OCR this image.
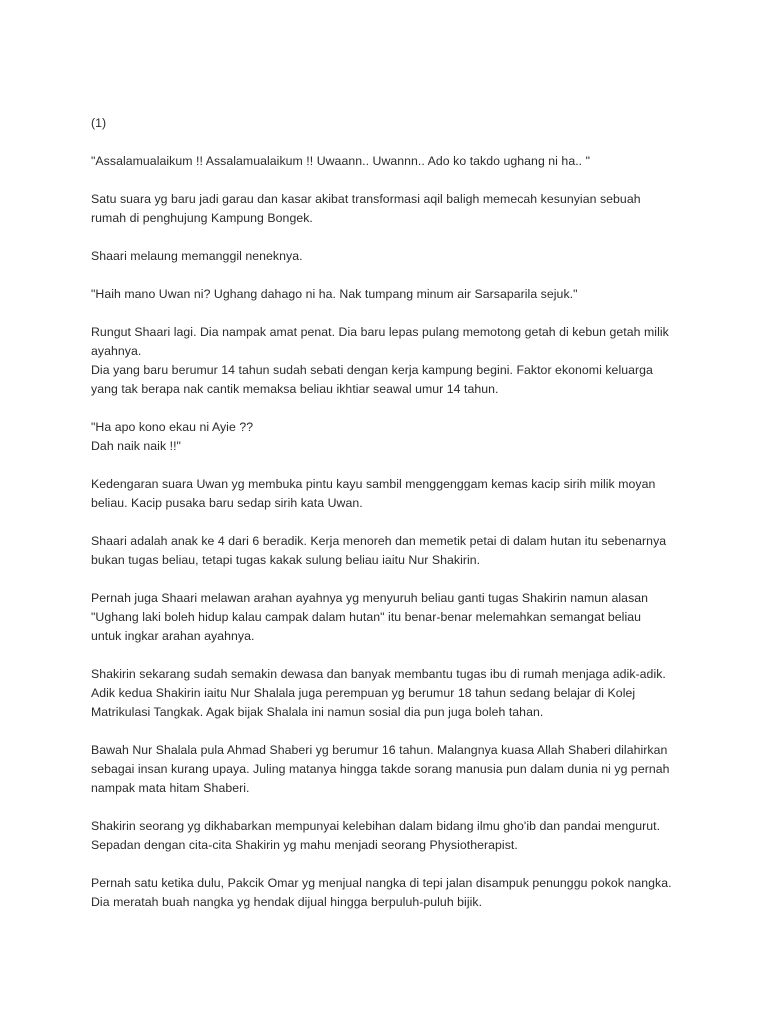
(1)

"Assalamualaikum !! Assalamualaikum !! Uwaann.. Uwannn.. Ado ko takdo ughang ni ha.. "

Satu suara yg baru jadi garau dan kasar akibat transformasi aqil baligh memecah kesunyian sebuah
rumah di penghujung Kampung Bongek.

Shaari melaung memanggil neneknya.

"Haih mano Uwan ni? Ughang dahago ni ha. Nak tumpang minum air Sarsaparila sejuk."

Rungut Shaari lagi. Dia nampak amat penat. Dia baru lepas pulang memotong getah di kebun getah milik
ayahnya.
Dia yang baru berumur 14 tahun sudah sebati dengan kerja kampung begini. Faktor ekonomi keluarga
yang tak berapa nak cantik memaksa beliau ikhtiar seawal umur 14 tahun.

"Ha apo kono ekau ni Ayie ??
Dah naik naik !!"

Kedengaran suara Uwan yg membuka pintu kayu sambil menggenggam kemas kacip sirih milik moyan
beliau. Kacip pusaka baru sedap sirih kata Uwan.

Shaari adalah anak ke 4 dari 6 beradik. Kerja menoreh dan memetik petai di dalam hutan itu sebenarnya
bukan tugas beliau, tetapi tugas kakak sulung beliau iaitu Nur Shakirin.

Pernah juga Shaari melawan arahan ayahnya yg menyuruh beliau ganti tugas Shakirin namun alasan
"Ughang laki boleh hidup kalau campak dalam hutan" itu benar-benar melemahkan semangat beliau
untuk ingkar arahan ayahnya.

Shakirin sekarang sudah semakin dewasa dan banyak membantu tugas ibu di rumah menjaga adik-adik.
Adik kedua Shakirin iaitu Nur Shalala juga perempuan yg berumur 18 tahun sedang belajar di Kolej
Matrikulasi Tangkak. Agak bijak Shalala ini namun sosial dia pun juga boleh tahan.

Bawah Nur Shalala pula Ahmad Shaberi yg berumur 16 tahun. Malangnya kuasa Allah Shaberi dilahirkan
sebagai insan kurang upaya. Juling matanya hingga takde sorang manusia pun dalam dunia ni yg pernah
nampak mata hitam Shaberi.

Shakirin seorang yg dikhabarkan mempunyai kelebihan dalam bidang ilmu gho'ib dan pandai mengurut.
Sepadan dengan cita-cita Shakirin yg mahu menjadi seorang Physiotherapist.

Pernah satu ketika dulu, Pakcik Omar yg menjual nangka di tepi jalan disampuk penunggu pokok nangka.
Dia meratah buah nangka yg hendak dijual hingga berpuluh-puluh bijik.
